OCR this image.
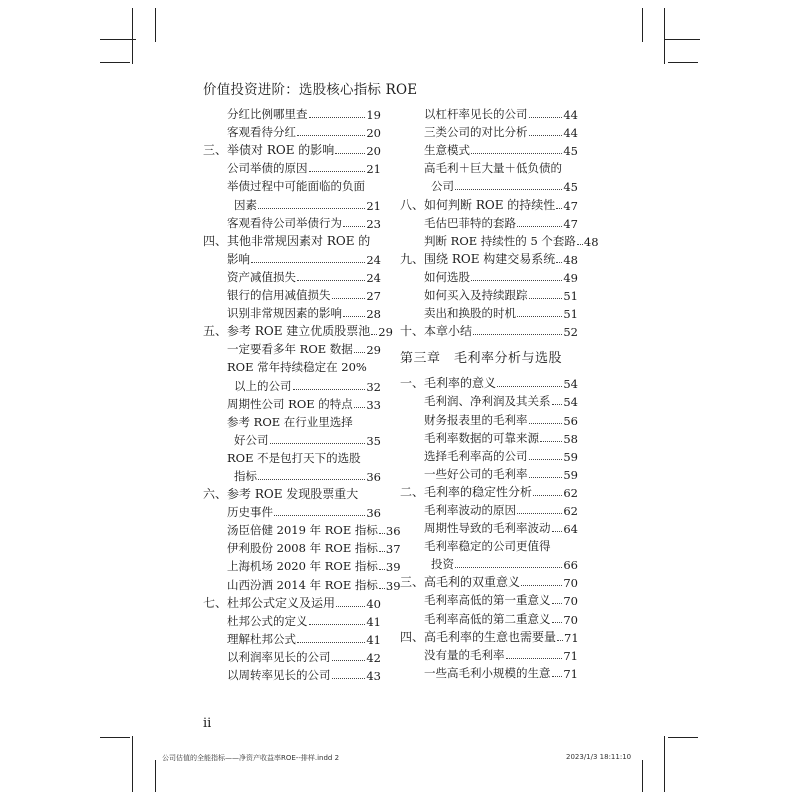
价值投资进阶：选股核心指标 ROE
分红比例哪里查	19
客观看待分红	20
三、举债对 ROE 的影响	20
公司举债的原因	21
举债过程中可能面临的负面
因素	21
客观看待公司举债行为 23
四、其他非常规因素对 ROE 的
影响	24
资产减值损失	24
银行的信用减值损失	27
识别非常规因素的影响 28
五、参考 ROE 建立优质股票池 29
一定要看多年 ROE 数据 29
ROE 常年持续稳定在 20%
以上的公司	32
周期性公司 ROE 的特点 33
参考 ROE 在行业里选择
好公司	35
ROE 不是包打天下的选股
指标	36
六、参考 ROE 发现股票重大
历史事件	36
汤臣倍健 2019 年 ROE 指标 36
伊利股份 2008 年 ROE 指标 37
上海机场 2020 年 ROE 指标 39
山西汾酒 2014 年 ROE 指标 39
七、杜邦公式定义及运用	40
杜邦公式的定义	41
理解杜邦公式	41
以利润率见长的公司	42
以周转率见长的公司	43
以杠杆率见长的公司	44
三类公司的对比分析	44
生意模式	45
高毛利＋巨大量＋低负债的
公司	45
八、如何判断 ROE 的持续性 47
毛估巴菲特的套路	47
判断 ROE 持续性的 5 个套路 48
九、围绕 ROE 构建交易系统 48
如何选股	49
如何买入及持续跟踪	51
卖出和换股的时机	51
十、本章小结	52
第三章　毛利率分析与选股
一、毛利率的意义	54
毛利润、净利润及其关系 54
财务报表里的毛利率	56
毛利率数据的可靠来源 58
选择毛利率高的公司	59
一些好公司的毛利率	59
二、毛利率的稳定性分析	62
毛利率波动的原因	62
周期性导致的毛利率波动 64
毛利率稳定的公司更值得
投资	66
三、高毛利的双重意义	70
毛利率高低的第一重意义 70
毛利率高低的第二重意义 70
四、高毛利率的生意也需要量 71
没有量的毛利率	71
一些高毛利小规模的生意 71
ii
公司估值的全能指标——净资产收益率ROE--排样.indd 2	2023/1/3 18:11:10
